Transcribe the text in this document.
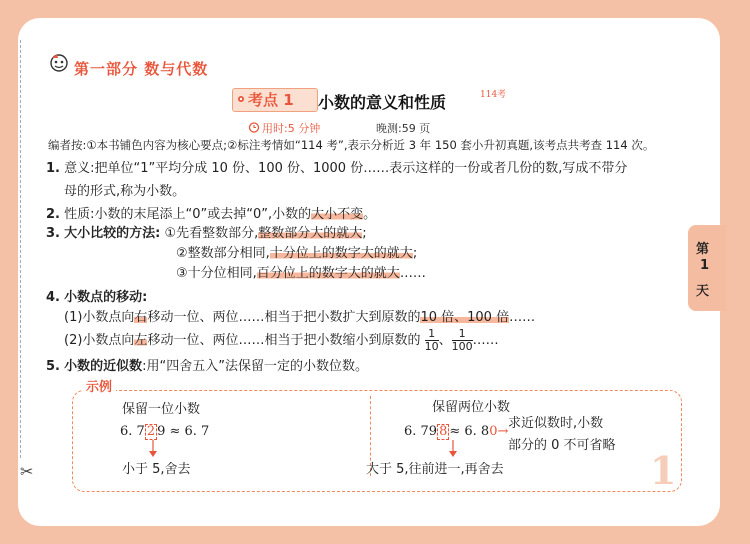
✂
第一部分 数与代数
考点 1 小数的意义和性质	114考
用时:5 分钟	晚测:59 页
编者按:①本书铺色内容为核心要点;②标注考情如“114 考”,表示分析近 3 年 150 套小升初真题,该考点共考查 114 次。
1. 意义:把单位“1”平均分成 10 份、100 份、1000 份……表示这样的一份或者几份的数,写成不带分
母的形式,称为小数。
2. 性质:小数的末尾添上“0”或去掉“0”,小数的大小不变。
3. 大小比较的方法: ①先看整数部分,整数部分大的就大;
②整数部分相同,十分位上的数字大的就大;
③十分位相同,百分位上的数字大的就大……
4. 小数点的移动:
(1)小数点向右移动一位、两位……相当于把小数扩大到原数的10 倍、100 倍……
(2)小数点向左移动一位、两位……相当于把小数缩小到原数的 $\frac{1}{10}$、 $\frac{1}{100}\dots\dots$
5. 小数的近似数:用“四舍五入”法保留一定的小数位数。
示例
保留一位小数
6. 7 2 9 ≈ 6. 7
小于 5,舍去
保留两位小数
6. 79 8 ≈ 6. 80→
求近似数时,小数
部分的 0 不可省略
大于 5,往前进一,再舍去	1
第
1
天
